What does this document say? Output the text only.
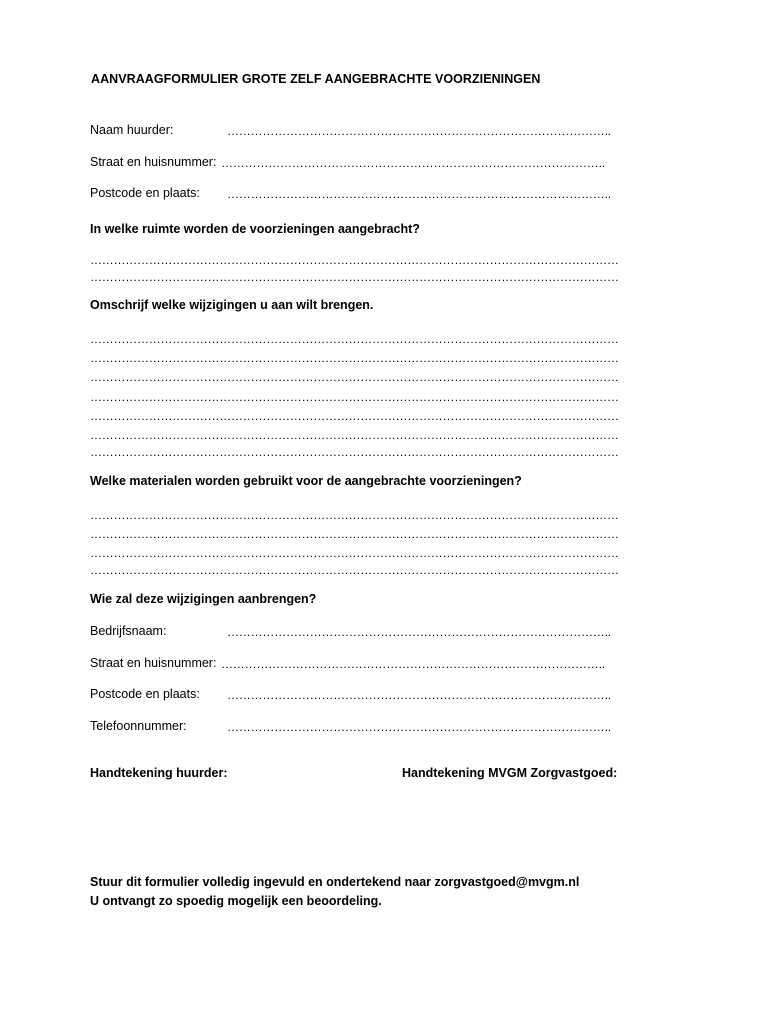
AANVRAAGFORMULIER GROTE ZELF AANGEBRACHTE VOORZIENINGEN
Naam huurder:	……………………………………………………………………………………..
Straat en huisnummer: ……………………………………………………………………………………..
Postcode en plaats: ……………………………………………………………………………………..
In welke ruimte worden de voorzieningen aangebracht?
………………………………………………………………………………………………………………………
………………………………………………………………………………………………………………………
Omschrijf welke wijzigingen u aan wilt brengen.
………………………………………………………………………………………………………………………
………………………………………………………………………………………………………………………
………………………………………………………………………………………………………………………
………………………………………………………………………………………………………………………
………………………………………………………………………………………………………………………
………………………………………………………………………………………………………………………
………………………………………………………………………………………………………………………
Welke materialen worden gebruikt voor de aangebrachte voorzieningen?
………………………………………………………………………………………………………………………
………………………………………………………………………………………………………………………
………………………………………………………………………………………………………………………
………………………………………………………………………………………………………………………
Wie zal deze wijzigingen aanbrengen?
Bedrijfsnaam:	……………………………………………………………………………………..
Straat en huisnummer: ……………………………………………………………………………………..
Postcode en plaats: ……………………………………………………………………………………..
Telefoonnummer:	……………………………………………………………………………………..
Handtekening huurder:	Handtekening MVGM Zorgvastgoed:
Stuur dit formulier volledig ingevuld en ondertekend naar zorgvastgoed@mvgm.nl
U ontvangt zo spoedig mogelijk een beoordeling.
